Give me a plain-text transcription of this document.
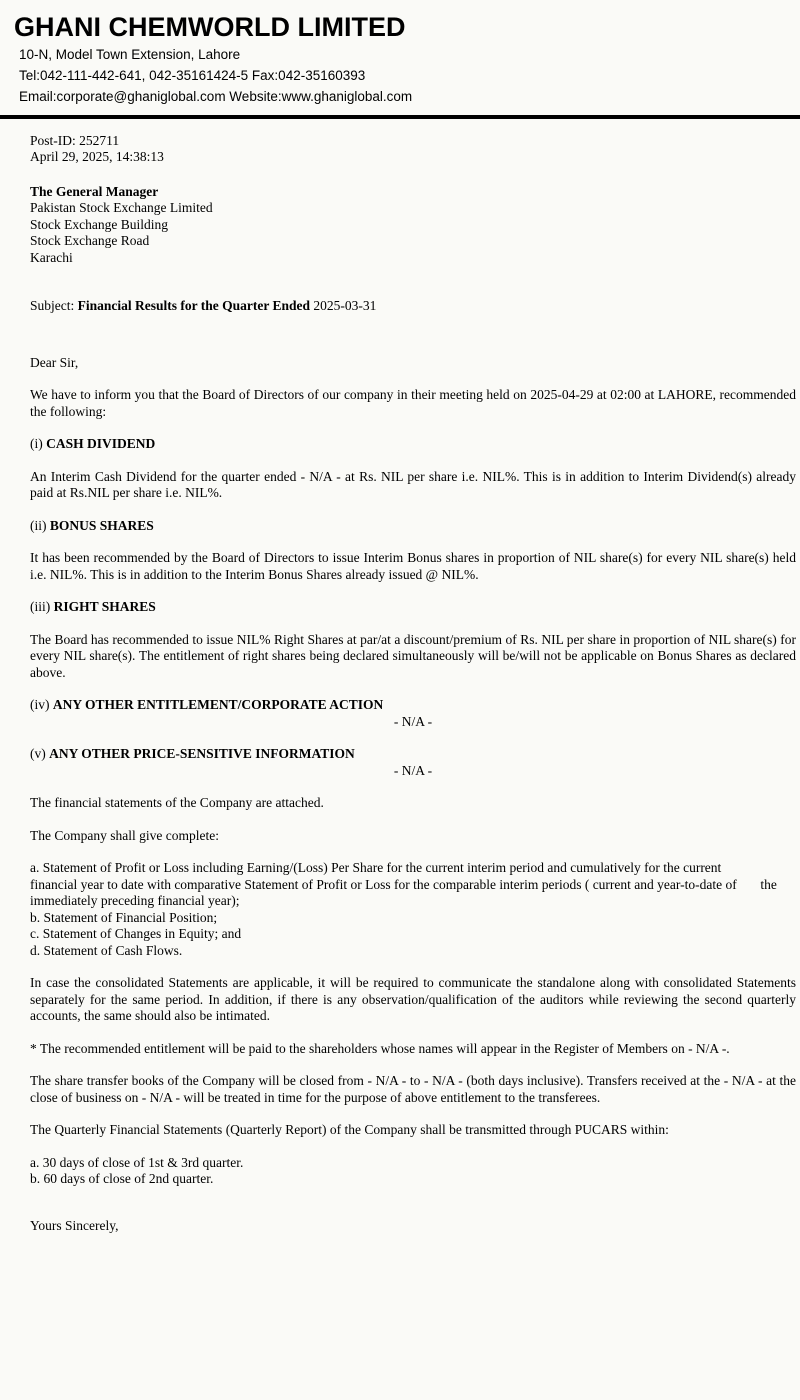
GHANI CHEMWORLD LIMITED
10-N, Model Town Extension, Lahore
Tel:042-111-442-641, 042-35161424-5 Fax:042-35160393
Email:corporate@ghaniglobal.com Website:www.ghaniglobal.com
Post-ID: 252711
April 29, 2025, 14:38:13
The General Manager
Pakistan Stock Exchange Limited
Stock Exchange Building
Stock Exchange Road
Karachi

Subject: Financial Results for the Quarter Ended 2025-03-31

Dear Sir,

We have to inform you that the Board of Directors of our company in their meeting held on 2025-04-29 at 02:00 at LAHORE, recommended the following:

(i) CASH DIVIDEND

An Interim Cash Dividend for the quarter ended - N/A - at Rs. NIL per share i.e. NIL%. This is in addition to Interim Dividend(s) already paid at Rs.NIL per share i.e. NIL%.

(ii) BONUS SHARES

It has been recommended by the Board of Directors to issue Interim Bonus shares in proportion of NIL share(s) for every NIL share(s) held i.e. NIL%. This is in addition to the Interim Bonus Shares already issued @ NIL%.

(iii) RIGHT SHARES

The Board has recommended to issue NIL% Right Shares at par/at a discount/premium of Rs. NIL per share in proportion of NIL share(s) for every NIL share(s). The entitlement of right shares being declared simultaneously will be/will not be applicable on Bonus Shares as declared above.

(iv) ANY OTHER ENTITLEMENT/CORPORATE ACTION

- N/A -

(v) ANY OTHER PRICE-SENSITIVE INFORMATION

- N/A -

The financial statements of the Company are attached.

The Company shall give complete:

a. Statement of Profit or Loss including Earning/(Loss) Per Share for the current interim period and cumulatively for the current            financial year to date with comparative Statement of Profit or Loss for the comparable interim periods ( current and year-to-date of       the immediately preceding financial year);
b. Statement of Financial Position;
c. Statement of Changes in Equity; and
d. Statement of Cash Flows.

In case the consolidated Statements are applicable, it will be required to communicate the standalone along with consolidated Statements separately for the same period. In addition, if there is any observation/qualification of the auditors while reviewing the second quarterly accounts, the same should also be intimated.

* The recommended entitlement will be paid to the shareholders whose names will appear in the Register of Members on - N/A -.

The share transfer books of the Company will be closed from - N/A - to - N/A - (both days inclusive). Transfers received at the - N/A - at the close of business on - N/A - will be treated in time for the purpose of above entitlement to the transferees.

The Quarterly Financial Statements (Quarterly Report) of the Company shall be transmitted through PUCARS within:

a. 30 days of close of 1st & 3rd quarter.
b. 60 days of close of 2nd quarter.

Yours Sincerely,
